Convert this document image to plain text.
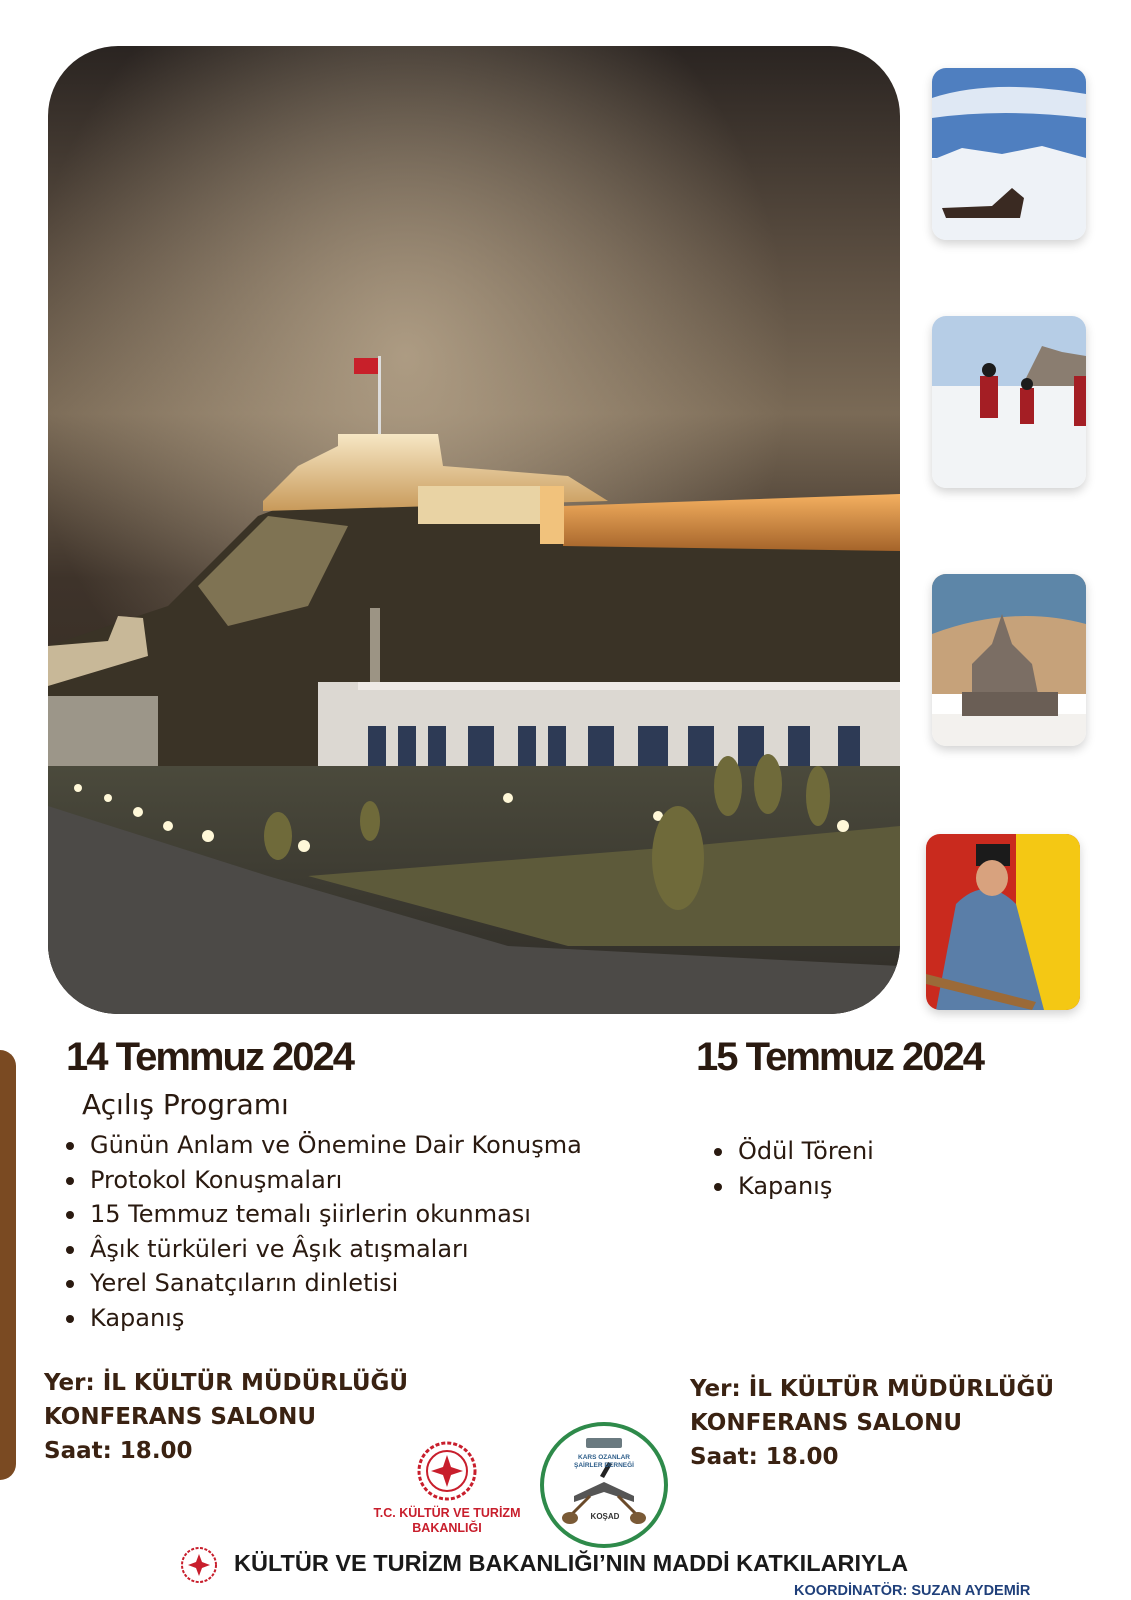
14 Temmuz 2024
Açılış Programı
Günün Anlam ve Önemine Dair Konuşma
Protokol Konuşmaları
15 Temmuz temalı şiirlerin okunması
Âşık türküleri ve Âşık atışmaları
Yerel Sanatçıların dinletisi
Kapanış
Yer: İL KÜLTÜR MÜDÜRLÜĞÜ
KONFERANS SALONU
Saat: 18.00
15 Temmuz 2024
Ödül Töreni
Kapanış
Yer: İL KÜLTÜR MÜDÜRLÜĞÜ
KONFERANS SALONU
Saat: 18.00
T.C. KÜLTÜR VE TURİZM
BAKANLIĞI
KARS OZANLAR ŞAİRLER DERNEĞİ
KOŞAD
KÜLTÜR VE TURİZM BAKANLIĞI’NIN MADDİ KATKILARIYLA
KOORDİNATÖR: SUZAN AYDEMİR
